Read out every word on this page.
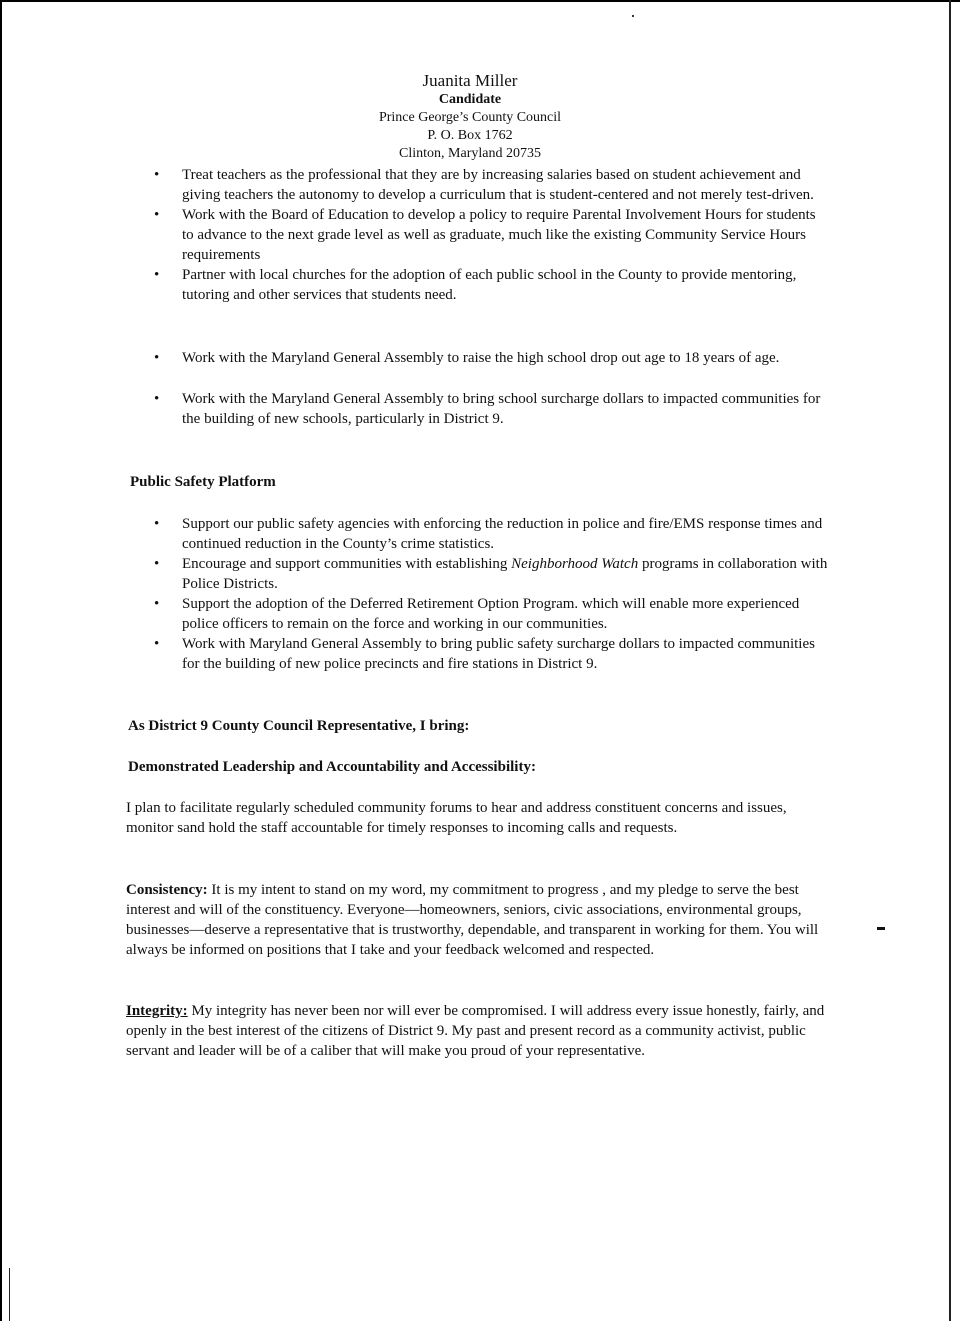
Juanita Miller
Candidate
Prince George’s County Council
P. O. Box 1762
Clinton, Maryland 20735
• Treat teachers as the professional that they are by increasing salaries based on student achievement and giving teachers the autonomy to develop a curriculum that is student-centered and not merely test-driven.
• Work with the Board of Education to develop a policy to require Parental Involvement Hours for students to advance to the next grade level as well as graduate, much like the existing Community Service Hours requirements
• Partner with local churches for the adoption of each public school in the County to provide mentoring, tutoring and other services that students need.
• Work with the Maryland General Assembly to raise the high school drop out age to 18 years of age.
• Work with the Maryland General Assembly to bring school surcharge dollars to impacted communities for the building of new schools, particularly in District 9.
Public Safety Platform
• Support our public safety agencies with enforcing the reduction in police and fire/EMS response times and continued reduction in the County’s crime statistics.
• Encourage and support communities with establishing Neighborhood Watch programs in collaboration with Police Districts.
• Support the adoption of the Deferred Retirement Option Program. which will enable more experienced police officers to remain on the force and working in our communities.
• Work with Maryland General Assembly to bring public safety surcharge dollars to impacted communities for the building of new police precincts and fire stations in District 9.
As District 9 County Council Representative, I bring:
Demonstrated Leadership and Accountability and Accessibility:
I plan to facilitate regularly scheduled community forums to hear and address constituent concerns and issues, monitor sand hold the staff accountable for timely responses to incoming calls and requests.
Consistency: It is my intent to stand on my word, my commitment to progress , and my pledge to serve the best interest and will of the constituency. Everyone—homeowners, seniors, civic associations, environmental groups, businesses—deserve a representative that is trustworthy, dependable, and transparent in working for them. You will always be informed on positions that I take and your feedback welcomed and respected.
Integrity: My integrity has never been nor will ever be compromised. I will address every issue honestly, fairly, and openly in the best interest of the citizens of District 9. My past and present record as a community activist, public servant and leader will be of a caliber that will make you proud of your representative.
